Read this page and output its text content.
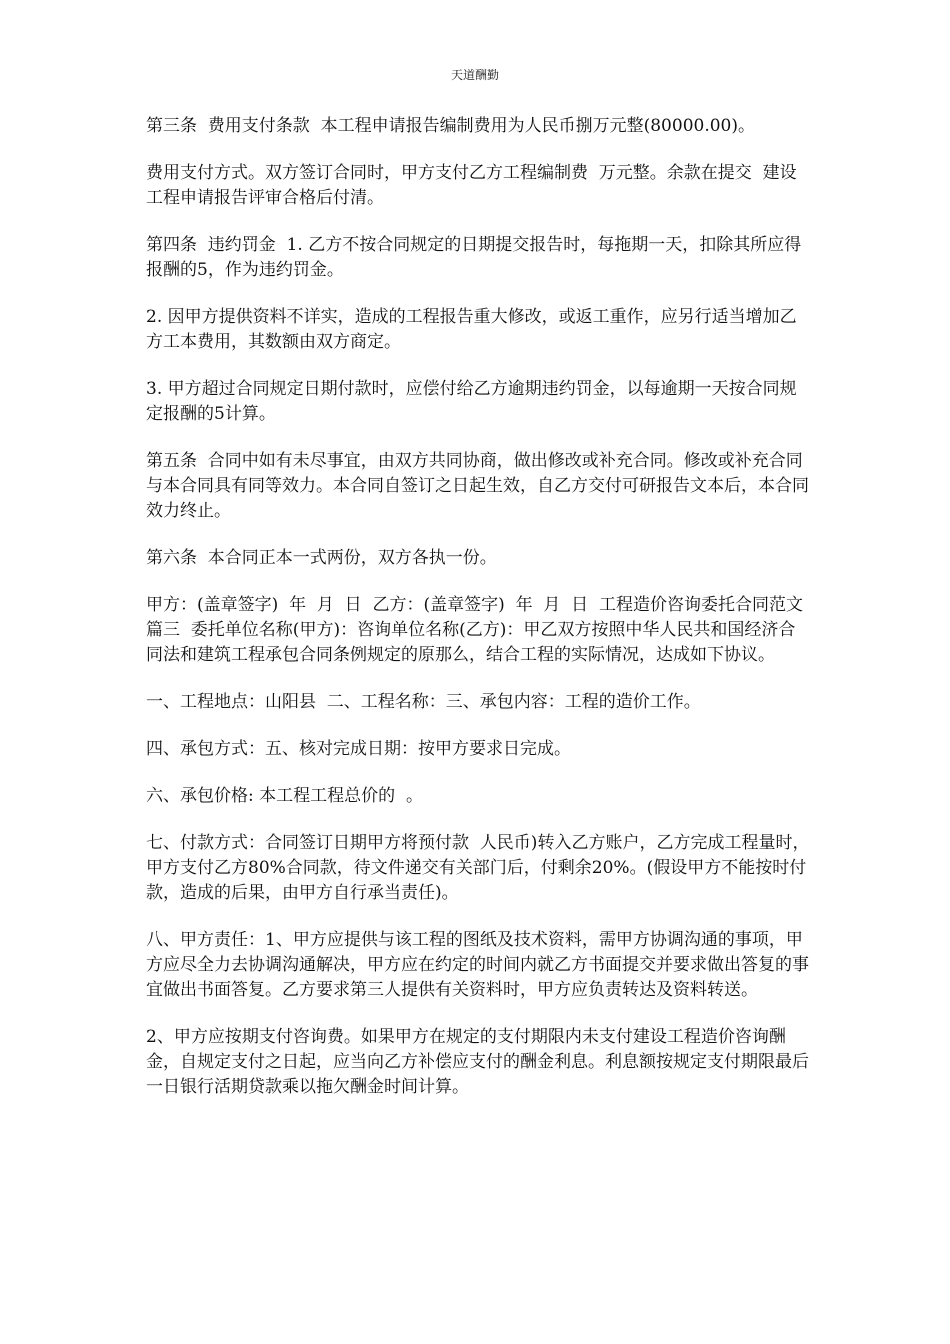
天道酬勤

第三条  费用支付条款  本工程申请报告编制费用为人民币捌万元整(80000.00)。

费用支付方式。双方签订合同时，甲方支付乙方工程编制费  万元整。余款在提交  建设工程申请报告评审合格后付清。

第四条  违约罚金  1. 乙方不按合同规定的日期提交报告时，每拖期一天，扣除其所应得报酬的5，作为违约罚金。

2. 因甲方提供资料不详实，造成的工程报告重大修改，或返工重作，应另行适当增加乙方工本费用，其数额由双方商定。

3. 甲方超过合同规定日期付款时，应偿付给乙方逾期违约罚金，以每逾期一天按合同规定报酬的5计算。

第五条  合同中如有未尽事宜，由双方共同协商，做出修改或补充合同。修改或补充合同与本合同具有同等效力。本合同自签订之日起生效，自乙方交付可研报告文本后，本合同效力终止。

第六条  本合同正本一式两份，双方各执一份。

甲方：(盖章签字)  年  月  日  乙方：(盖章签字)  年  月  日  工程造价咨询委托合同范文篇三  委托单位名称(甲方)：咨询单位名称(乙方)：甲乙双方按照中华人民共和国经济合同法和建筑工程承包合同条例规定的原那么，结合工程的实际情况，达成如下协议。

一、工程地点：山阳县  二、工程名称：三、承包内容：工程的造价工作。

四、承包方式：五、核对完成日期：按甲方要求日完成。

六、承包价格: 本工程工程总价的  。

七、付款方式：合同签订日期甲方将预付款  人民币)转入乙方账户，乙方完成工程量时，甲方支付乙方80%合同款，待文件递交有关部门后，付剩余20%。(假设甲方不能按时付款，造成的后果，由甲方自行承当责任)。

八、甲方责任：1、甲方应提供与该工程的图纸及技术资料，需甲方协调沟通的事项，甲方应尽全力去协调沟通解决，甲方应在约定的时间内就乙方书面提交并要求做出答复的事宜做出书面答复。乙方要求第三人提供有关资料时，甲方应负责转达及资料转送。

2、甲方应按期支付咨询费。如果甲方在规定的支付期限内未支付建设工程造价咨询酬金，自规定支付之日起，应当向乙方补偿应支付的酬金利息。利息额按规定支付期限最后一日银行活期贷款乘以拖欠酬金时间计算。
